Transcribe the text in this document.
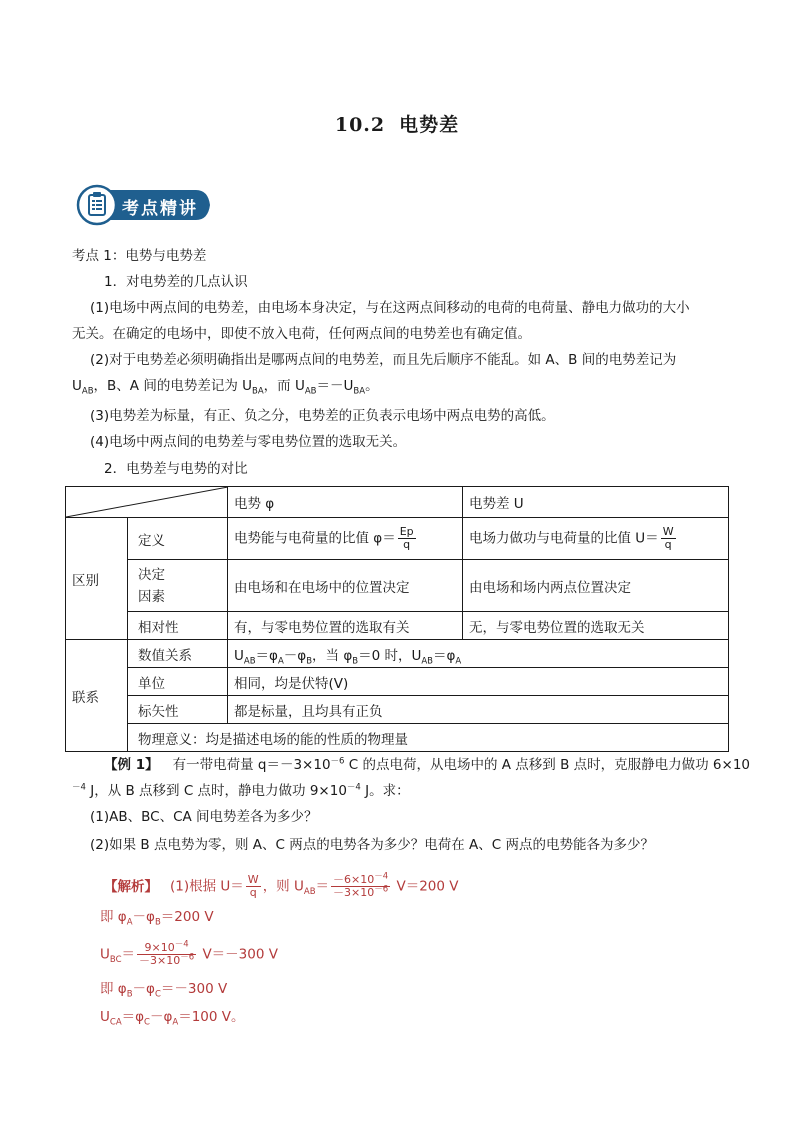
10.2 电势差
考点精讲
考点 1：电势与电势差
1．对电势差的几点认识
(1)电场中两点间的电势差，由电场本身决定，与在这两点间移动的电荷的电荷量、静电力做功的大小
无关。在确定的电场中，即使不放入电荷，任何两点间的电势差也有确定值。
(2)对于电势差必须明确指出是哪两点间的电势差，而且先后顺序不能乱。如 A、B 间的电势差记为
$U_{AB}$，B、A 间的电势差记为 $U_{BA}$，而 $U_{AB}=-U_{BA}$。
(3)电势差为标量，有正、负之分，电势差的正负表示电场中两点电势的高低。
(4)电场中两点间的电势差与零电势位置的选取无关。
2．电势差与电势的对比
	电势 φ	电势差 U
区别	定义	电势能与电荷量的比值 $\varphi= \frac{Ep}{q}$	电场力做功与电荷量的比值 $U= \frac{W}{q}$

	决定
因素	由电场和在电场中的位置决定	由电场和场内两点位置决定
	相对性	有，与零电势位置的选取有关	无，与零电势位置的选取无关
联系	数值关系	$U_{AB}=\varphi_A-\varphi_B$，当 $\varphi_B=0$ 时，$U_{AB}=\varphi_A$
	单位	相同，均是伏特(V)	
	标矢性	都是标量，且均具有正负	
	物理意义：均是描述电场的能的性质的物理量		
【例 1】 有一带电荷量 $q=-3\times 10^{-6}$ C 的点电荷，从电场中的 A 点移到 B 点时，克服静电力做功 6×10
$^{-4}$ J，从 B 点移到 C 点时，静电力做功 $9\times 10^{-4}$ J。求：
(1)AB、BC、CA 间电势差各为多少？
(2)如果 B 点电势为零，则 A、C 两点的电势各为多少？电荷在 A、C 两点的电势能各为多少？
【解析】 (1)根据 $U= \frac{W}{q}$ ，则 $U_{AB}= \frac{-6\times 10^{-4}}{-3\times 10^{-6}} V=200$ V
即 $\varphi_A-\varphi_B=200$ V
$U_{BC}= \frac{9\times 10^{-4}}{-3\times 10^{-6}} V=-300$ V
即 $\varphi_B-\varphi_C=-300$ V
$U_{CA}=\varphi_C-\varphi_A=100$ V。
